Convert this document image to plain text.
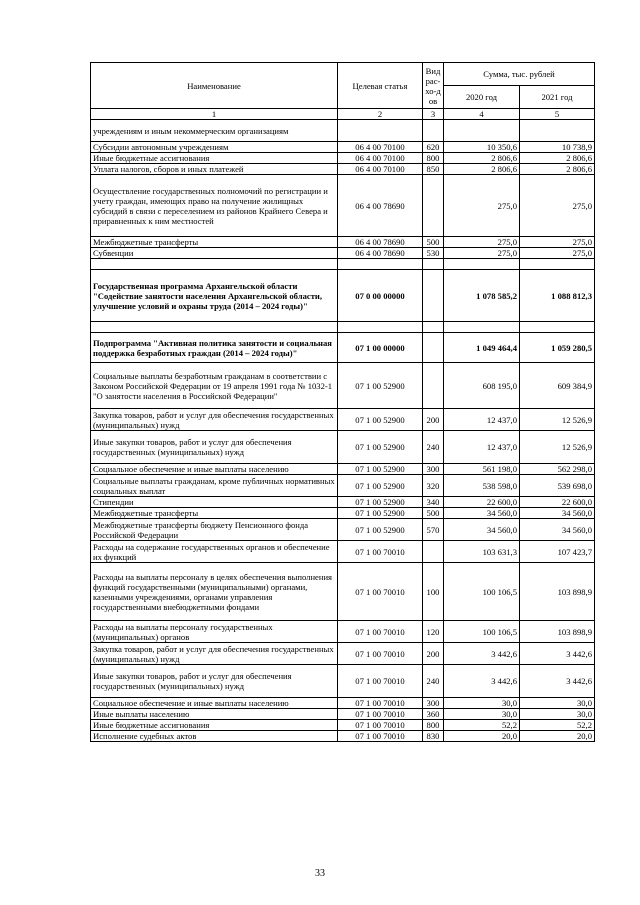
Наименование	Целевая статья	Вид рас-хо-дов	Сумма, тыс. рублей	
			2020 год	2021 год
1	2	3	4	5
учреждениям и иным некоммерческим организациям				
Субсидии автономным учреждениям	06 4 00 70100	620	10 350,6	10 738,9
Иные бюджетные ассигнования	06 4 00 70100	800	2 806,6	2 806,6
Уплата налогов, сборов и иных платежей	06 4 00 70100	850	2 806,6	2 806,6
Осуществление государственных полномочий по регистрации и учету граждан, имеющих право на получение жилищных субсидий в связи с переселением из районов Крайнего Севера и приравненных к ним местностей	06 4 00 78690		275,0	275,0
Межбюджетные трансферты	06 4 00 78690	500	275,0	275,0
Субвенции	06 4 00 78690	530	275,0	275,0

Государственная программа Архангельской области "Содействие занятости населения Архангельской области, улучшение условий и охраны труда (2014 – 2024 годы)"	07 0 00 00000		1 078 585,2	1 088 812,3

Подпрограмма "Активная политика занятости и социальная поддержка безработных граждан (2014 – 2024 годы)"	07 1 00 00000		1 049 464,4	1 059 280,5
Социальные выплаты безработным гражданам в соответствии с Законом Российской Федерации от 19 апреля 1991 года № 1032-1 "О занятости населения в Российской Федерации"	07 1 00 52900		608 195,0	609 384,9
Закупка товаров, работ и услуг для обеспечения государственных (муниципальных) нужд	07 1 00 52900	200	12 437,0	12 526,9
Иные закупки товаров, работ и услуг для обеспечения государственных (муниципальных) нужд	07 1 00 52900	240	12 437,0	12 526,9
Социальное обеспечение и иные выплаты населению	07 1 00 52900	300	561 198,0	562 298,0
Социальные выплаты гражданам, кроме публичных нормативных социальных выплат	07 1 00 52900	320	538 598,0	539 698,0
Стипендии	07 1 00 52900	340	22 600,0	22 600,0
Межбюджетные трансферты	07 1 00 52900	500	34 560,0	34 560,0
Межбюджетные трансферты бюджету Пенсионного фонда Российской Федерации	07 1 00 52900	570	34 560,0	34 560,0
Расходы на содержание государственных органов и обеспечение их функций	07 1 00 70010		103 631,3	107 423,7
Расходы на выплаты персоналу в целях обеспечения выполнения функций государственными (муниципальными) органами, казенными учреждениями, органами управления государственными внебюджетными фондами	07 1 00 70010	100	100 106,5	103 898,9
Расходы на выплаты персоналу государственных (муниципальных) органов	07 1 00 70010	120	100 106,5	103 898,9
Закупка товаров, работ и услуг для обеспечения государственных (муниципальных) нужд	07 1 00 70010	200	3 442,6	3 442,6
Иные закупки товаров, работ и услуг для обеспечения государственных (муниципальных) нужд	07 1 00 70010	240	3 442,6	3 442,6
Социальное обеспечение и иные выплаты населению	07 1 00 70010	300	30,0	30,0
Иные выплаты населению	07 1 00 70010	360	30,0	30,0
Иные бюджетные ассигнования	07 1 00 70010	800	52,2	52,2
Исполнение судебных актов	07 1 00 70010	830	20,0	20,0
33
